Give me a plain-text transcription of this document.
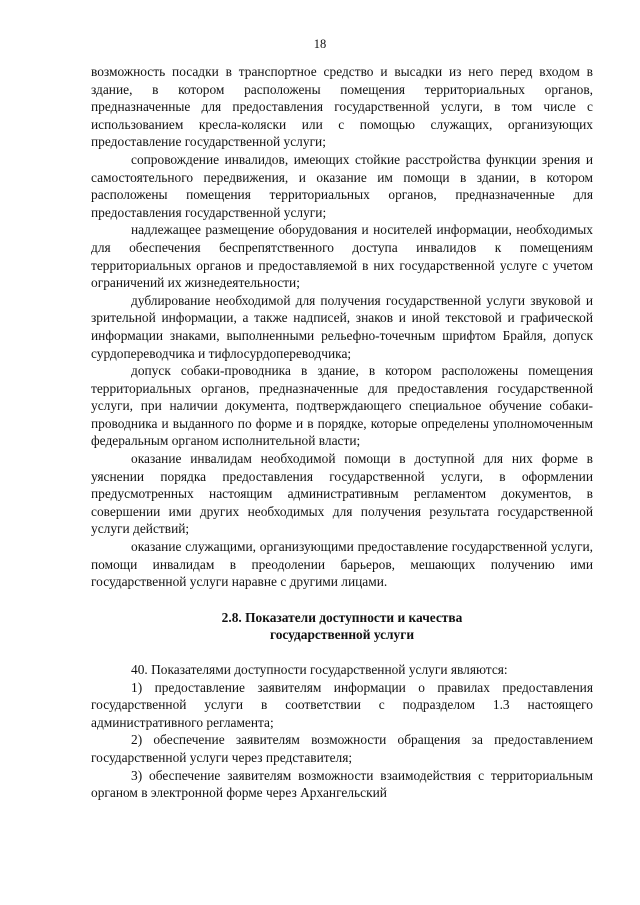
18

возможность посадки в транспортное средство и высадки из него перед входом в здание, в котором расположены помещения территориальных органов, предназначенные для предоставления государственной услуги, в том числе с использованием кресла-коляски или с помощью служащих, организующих предоставление государственной услуги;

сопровождение инвалидов, имеющих стойкие расстройства функции зрения и самостоятельного передвижения, и оказание им помощи в здании, в котором расположены помещения территориальных органов, предназначенные для предоставления государственной услуги;

надлежащее размещение оборудования и носителей информации, необходимых для обеспечения беспрепятственного доступа инвалидов к помещениям территориальных органов и предоставляемой в них государственной услуге с учетом ограничений их жизнедеятельности;

дублирование необходимой для получения государственной услуги звуковой и зрительной информации, а также надписей, знаков и иной текстовой и графической информации знаками, выполненными рельефно-точечным шрифтом Брайля, допуск сурдопереводчика и тифлосурдопереводчика;

допуск собаки-проводника в здание, в котором расположены помещения территориальных органов, предназначенные для предоставления государственной услуги, при наличии документа, подтверждающего специальное обучение собаки-проводника и выданного по форме и в порядке, которые определены уполномоченным федеральным органом исполнительной власти;

оказание инвалидам необходимой помощи в доступной для них форме в уяснении порядка предоставления государственной услуги, в оформлении предусмотренных настоящим административным регламентом документов, в совершении ими других необходимых для получения результата государственной услуги действий;

оказание служащими, организующими предоставление государственной услуги, помощи инвалидам в преодолении барьеров, мешающих получению ими государственной услуги наравне с другими лицами.

2.8. Показатели доступности и качества

государственной услуги

40. Показателями доступности государственной услуги являются:

1) предоставление заявителям информации о правилах предоставления государственной услуги в соответствии с подразделом 1.3 настоящего административного регламента;

2) обеспечение заявителям возможности обращения за предоставлением государственной услуги через представителя;

3) обеспечение заявителям возможности взаимодействия с территориальным органом в электронной форме через Архангельский
